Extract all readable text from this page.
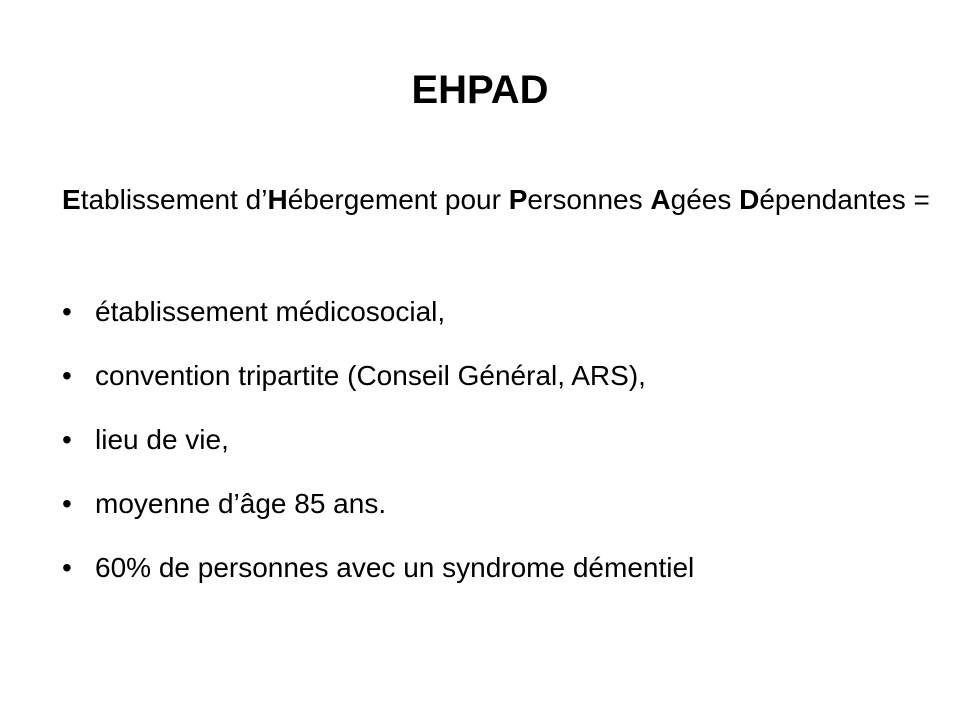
EHPAD
Etablissement d’Hébergement pour Personnes Agées Dépendantes =
• établissement médicosocial,
• convention tripartite (Conseil Général, ARS),
• lieu de vie,
• moyenne d’âge 85 ans.
• 60% de personnes avec un syndrome démentiel
